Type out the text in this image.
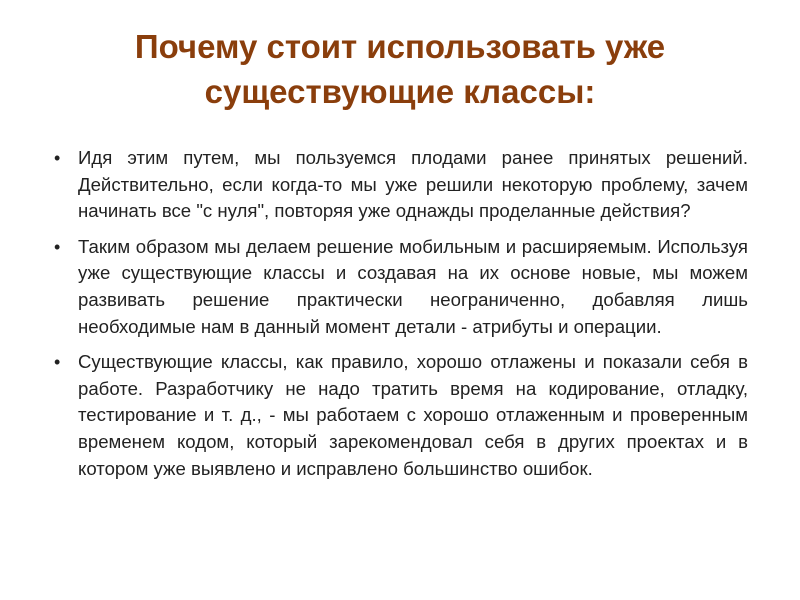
Почему стоит использовать уже существующие классы:
• Идя этим путем, мы пользуемся плодами ранее принятых решений. Действительно, если когда-то мы уже решили некоторую проблему, зачем начинать все "с нуля", повторяя уже однажды проделанные действия?
• Таким образом мы делаем решение мобильным и расширяемым. Используя уже существующие классы и создавая на их основе новые, мы можем развивать решение практически неограниченно, добавляя лишь необходимые нам в данный момент детали - атрибуты и операции.
• Существующие классы, как правило, хорошо отлажены и показали себя в работе. Разработчику не надо тратить время на кодирование, отладку, тестирование и т. д., - мы работаем с хорошо отлаженным и проверенным временем кодом, который зарекомендовал себя в других проектах и в котором уже выявлено и исправлено большинство ошибок.
